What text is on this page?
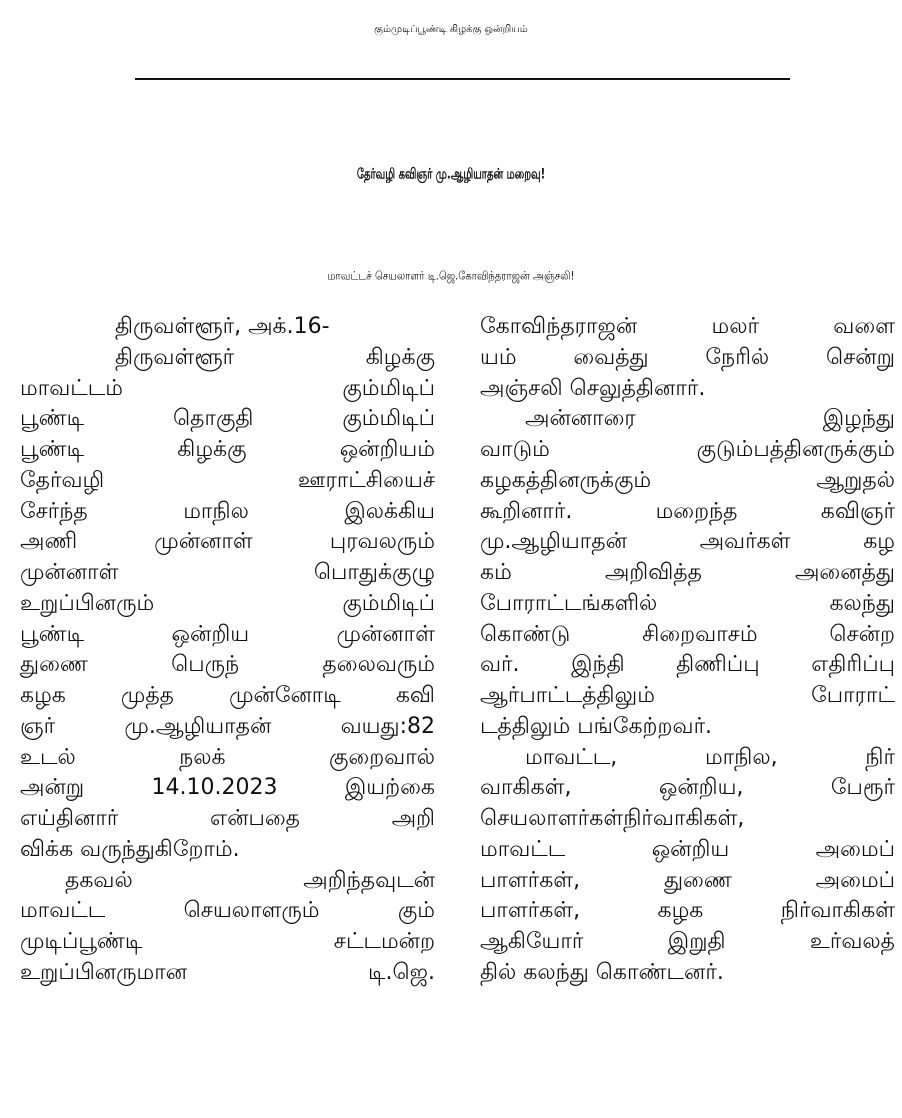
கும்முடிப்பூண்டி கிழக்கு ஒன்றியம்
தேர்வழி கவிஞர் மு.ஆழியாதன் மறைவு!
மாவட்டச் செயலாளர் டி.ஜெ.கோவிந்தராஜன் அஞ்சலி!
திருவள்ளூர், அக்.16-
திருவள்ளூர்	கிழக்கு
மாவட்டம்	கும்மிடிப்
பூண்டி	தொகுதி	கும்மிடிப்
பூண்டி	கிழக்கு	ஒன்றியம்
தேர்வழி	ஊராட்சியைச்
சேர்ந்த	மாநில	இலக்கிய
அணி	முன்னாள்	புரவலரும்
முன்னாள்	பொதுக்குழு
உறுப்பினரும்	கும்மிடிப்
பூண்டி	ஒன்றிய	முன்னாள்
துணை	பெருந்	தலைவரும்
கழக	முத்த	முன்னோடி	கவி
ஞர்	மு.ஆழியாதன்	வயது:82
உடல்	நலக்	குறைவால்
அன்று	14.10.2023	இயற்கை
எய்தினார்	என்பதை	அறி
விக்க வருந்துகிறோம்.
தகவல்	அறிந்தவுடன்
மாவட்ட	செயலாளரும்	கும்
முடிப்பூண்டி	சட்டமன்ற
உறுப்பினருமான	டி.ஜெ.
கோவிந்தராஜன்	மலர்	வளை
யம்	வைத்து	நேரில்	சென்று
அஞ்சலி செலுத்தினார்.
அன்னாரை	இழந்து
வாடும்	குடும்பத்தினருக்கும்
கழகத்தினருக்கும்	ஆறுதல்
கூறினார்.	மறைந்த	கவிஞர்
மு.ஆழியாதன்	அவர்கள்	கழ
கம்	அறிவித்த	அனைத்து
போராட்டங்களில்	கலந்து
கொண்டு	சிறைவாசம்	சென்ற
வர். இந்தி திணிப்பு எதிரிப்பு
ஆர்பாட்டத்திலும்	போராட்
டத்திலும் பங்கேற்றவர்.
மாவட்ட,	மாநில,	நிர்
வாகிகள்,	ஒன்றிய,	பேரூர்
செயலாளர்கள்நிர்வாகிகள்,
மாவட்ட	ஒன்றிய	அமைப்
பாளர்கள்,	துணை	அமைப்
பாளர்கள்,	கழக	நிர்வாகிகள்
ஆகியோர்	இறுதி	உர்வலத்
தில் கலந்து கொண்டனர்.
